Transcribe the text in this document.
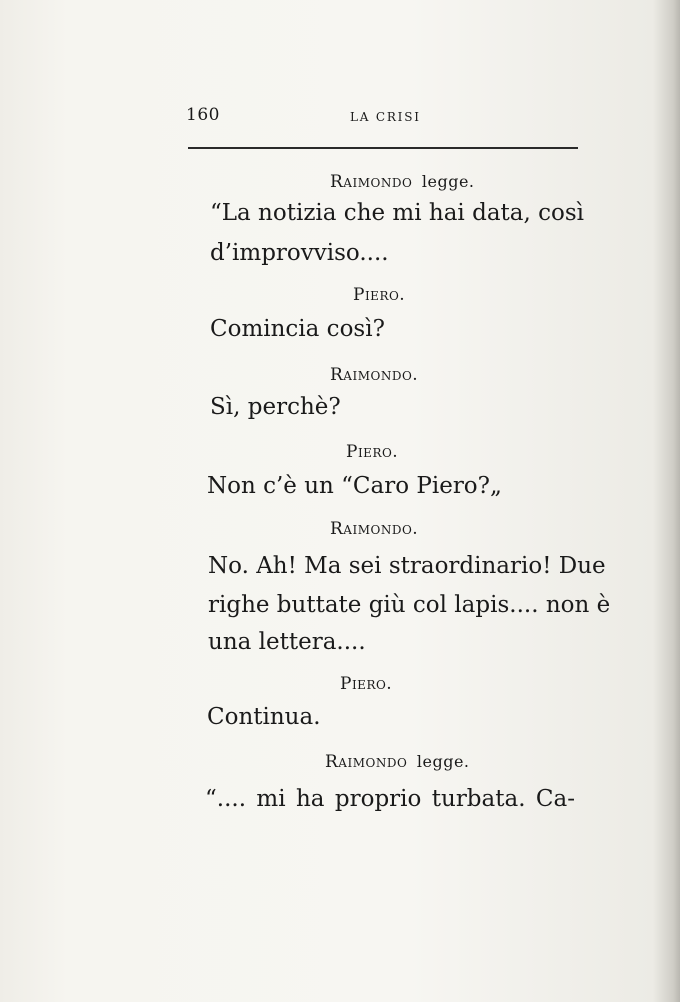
160	LA CRISI
Raimondo legge.
“La notizia che mi hai data, così
d’improvviso....
Piero.
Comincia così?
Raimondo.
Sì, perchè?
Piero.
Non c’è un “Caro Piero?„
Raimondo.
No. Ah! Ma sei straordinario! Due
righe buttate giù col lapis.... non è
una lettera....
Piero.
Continua.
Raimondo legge.
“.... mi ha proprio turbata. Ca-
